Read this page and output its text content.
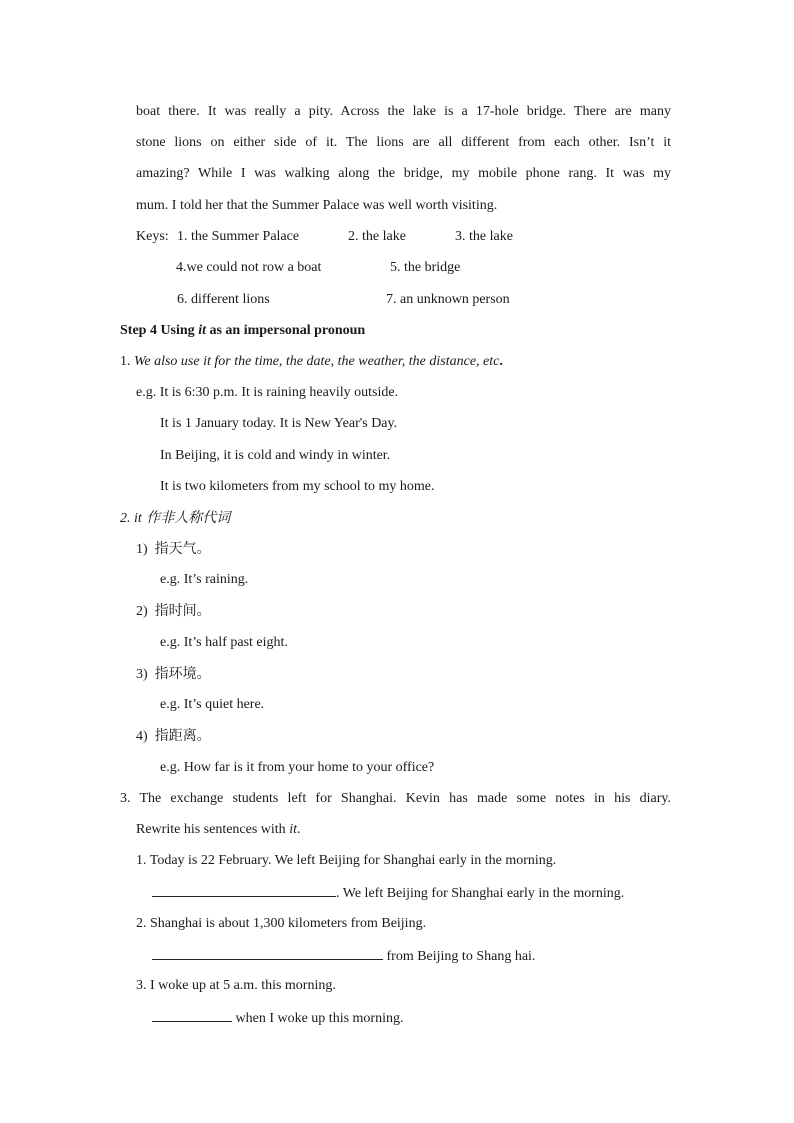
boat there. It was really a pity. Across the lake is a 17-hole bridge. There are many
stone lions on either side of it. The lions are all different from each other. Isn’t it
amazing? While I was walking along the bridge, my mobile phone rang. It was my
mum. I told her that the Summer Palace was well worth visiting.
Keys: 1. the Summer Palace	2. the lake	3. the lake
4.we could not row a boat	5. the bridge
6. different lions	7. an unknown person
Step 4 Using it as an impersonal pronoun
1. We also use it for the time, the date, the weather, the distance, etc.
e.g. It is 6:30 p.m. It is raining heavily outside.
It is 1 January today. It is New Year's Day.
In Beijing, it is cold and windy in winter.
It is two kilometers from my school to my home.
2. it 作非人称代词
1) 指天气。
e.g. It’s raining.
2) 指时间。
e.g. It’s half past eight.
3) 指环境。
e.g. It’s quiet here.
4) 指距离。
e.g. How far is it from your home to your office?
3. The exchange students left for Shanghai. Kevin has made some notes in his diary.
Rewrite his sentences with it.
1. Today is 22 February. We left Beijing for Shanghai early in the morning.
. We left Beijing for Shanghai early in the morning.
2. Shanghai is about 1,300 kilometers from Beijing.
from Beijing to Shang hai.
3. I woke up at 5 a.m. this morning.
when I woke up this morning.
